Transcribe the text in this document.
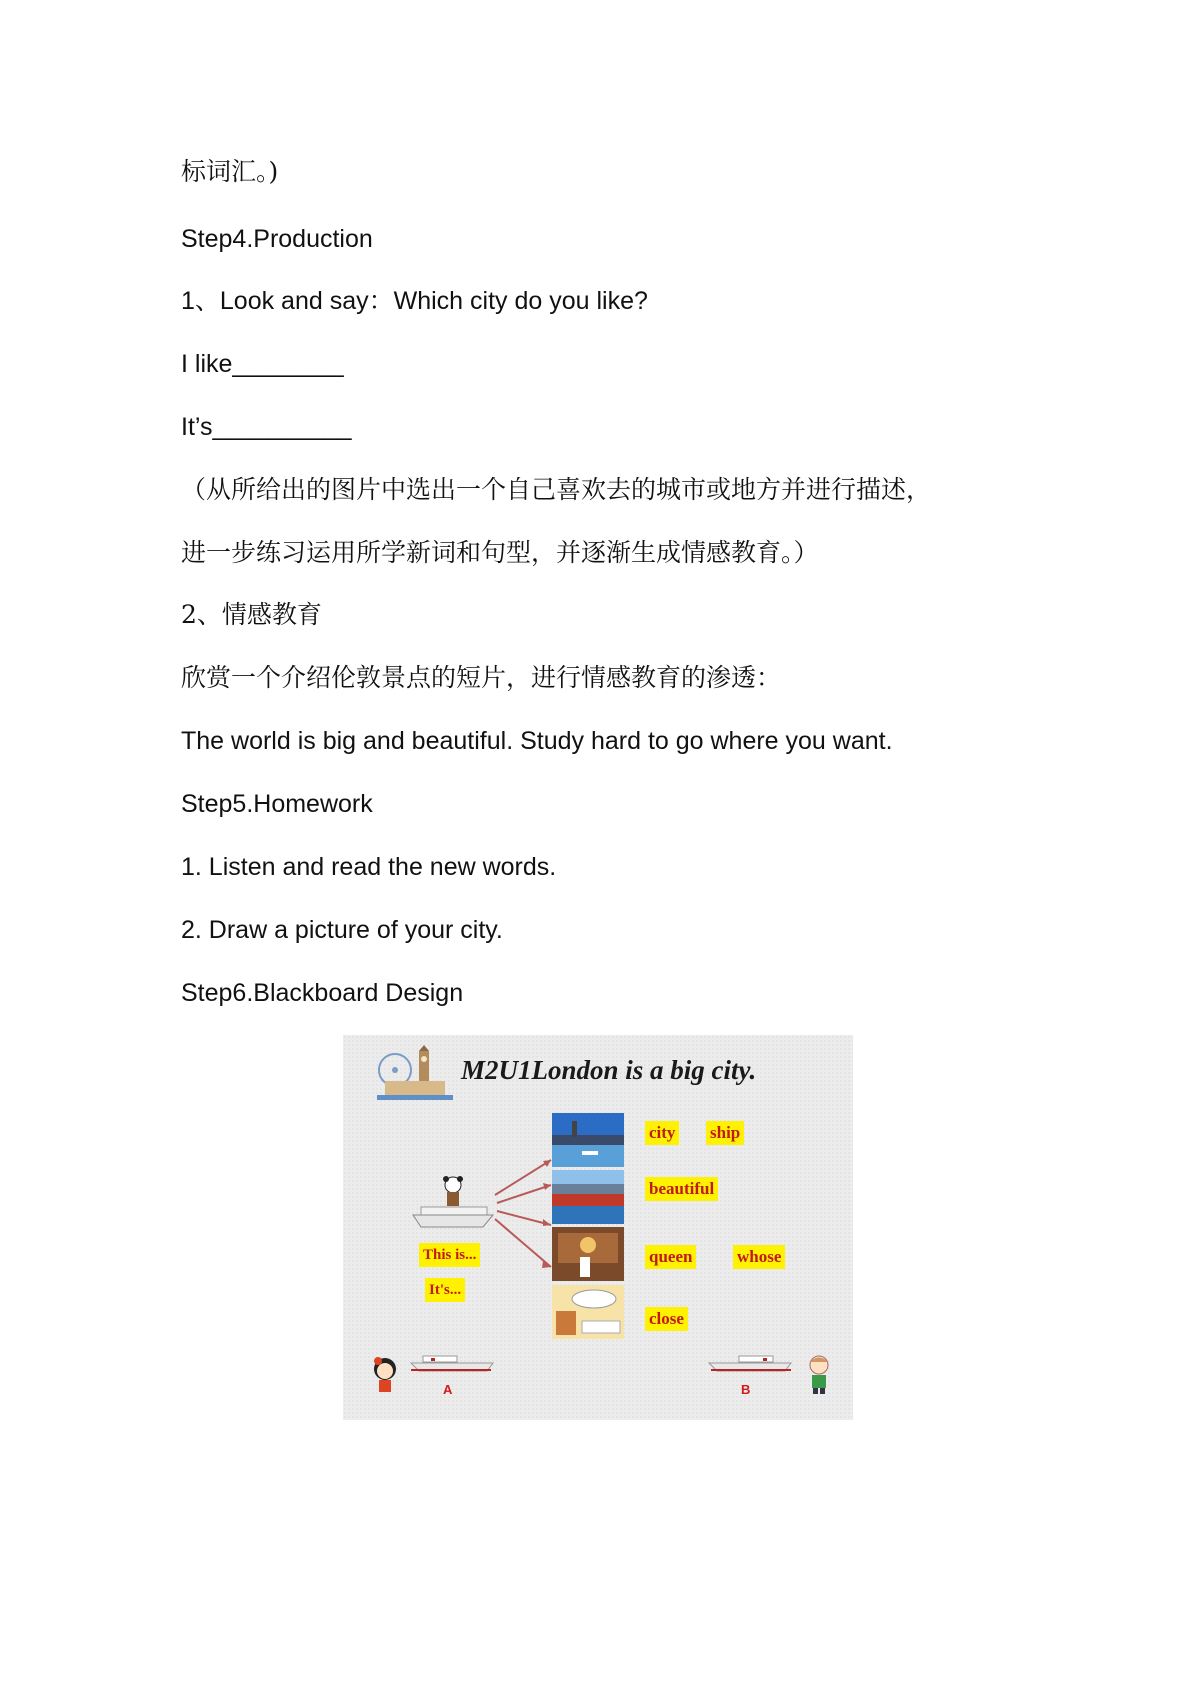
标词汇。)
Step4.Production
1、Look and say：Which city do you like?
I like________
It’s__________
（从所给出的图片中选出一个自己喜欢去的城市或地方并进行描述，
进一步练习运用所学新词和句型，并逐渐生成情感教育。）
2、情感教育
欣赏一个介绍伦敦景点的短片，进行情感教育的渗透：
The world is big and beautiful. Study hard to go where you want.
Step5.Homework
1. Listen and read the new words.
2. Draw a picture of your city.
Step6.Blackboard Design
M2U1London is a big city.
city ship
beautiful
queen	whose
close
This is...
It's...
A	B
